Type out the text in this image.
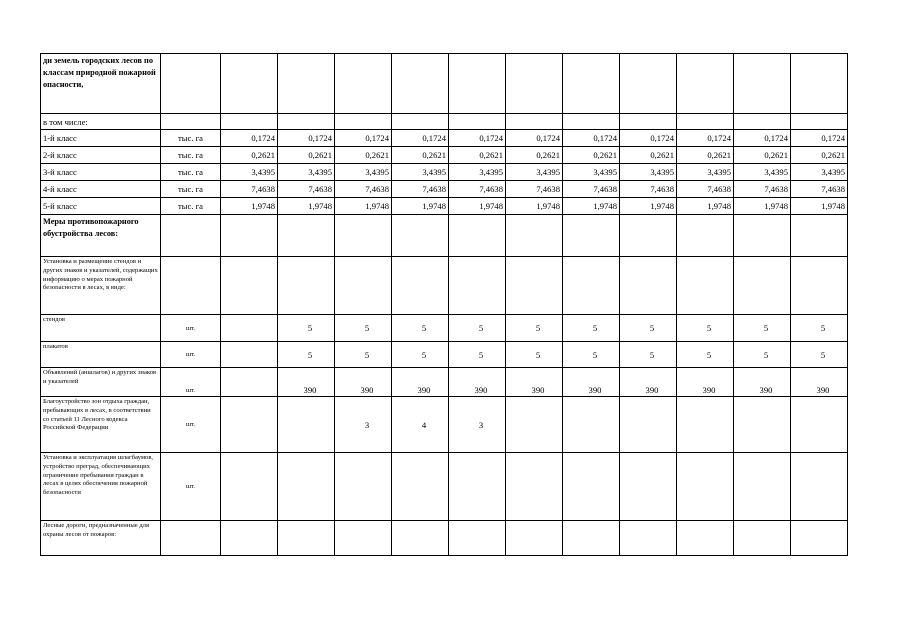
ди земель городских лесов по классам природной пожарной опасности,												
в том числе:												
1-й класс	тыс. га	0,1724	0,1724	0,1724	0,1724	0,1724	0,1724	0,1724	0,1724	0,1724	0,1724	0,1724
2-й класс	тыс. га	0,2621	0,2621	0,2621	0,2621	0,2621	0,2621	0,2621	0,2621	0,2621	0,2621	0,2621
3-й класс	тыс. га	3,4395	3,4395	3,4395	3,4395	3,4395	3,4395	3,4395	3,4395	3,4395	3,4395	3,4395
4-й класс	тыс. га	7,4638	7,4638	7,4638	7,4638	7,4638	7,4638	7,4638	7,4638	7,4638	7,4638	7,4638
5-й класс	тыс. га	1,9748	1,9748	1,9748	1,9748	1,9748	1,9748	1,9748	1,9748	1,9748	1,9748	1,9748
Меры противопожарного обустройства лесов:												
Установка и размещение стендов и других знаков и указателей, содержащих информацию о мерах пожарной безопасности в лесах, в виде:												
стендов	шт.		5	5	5	5	5	5	5	5	5	5
плакатов	шт.		5	5	5	5	5	5	5	5	5	5
Объявлений (аншлагов) и других знаков и указателей	шт.		390	390	390	390	390	390	390	390	390	390
Благоустройство зон отдыха граждан, пребывающих в лесах, в соответствии со статьей 11 Лесного кодекса Российской Федерации	шт.			3	4	3						
Установка и эксплуатация шлагбаумов, устройство преград, обеспечивающих ограничение пребывания граждан в лесах в целях обеспечения пожарной безопасности	шт.											
Лесные дороги, предназначенные для охраны лесов от пожаров:												
